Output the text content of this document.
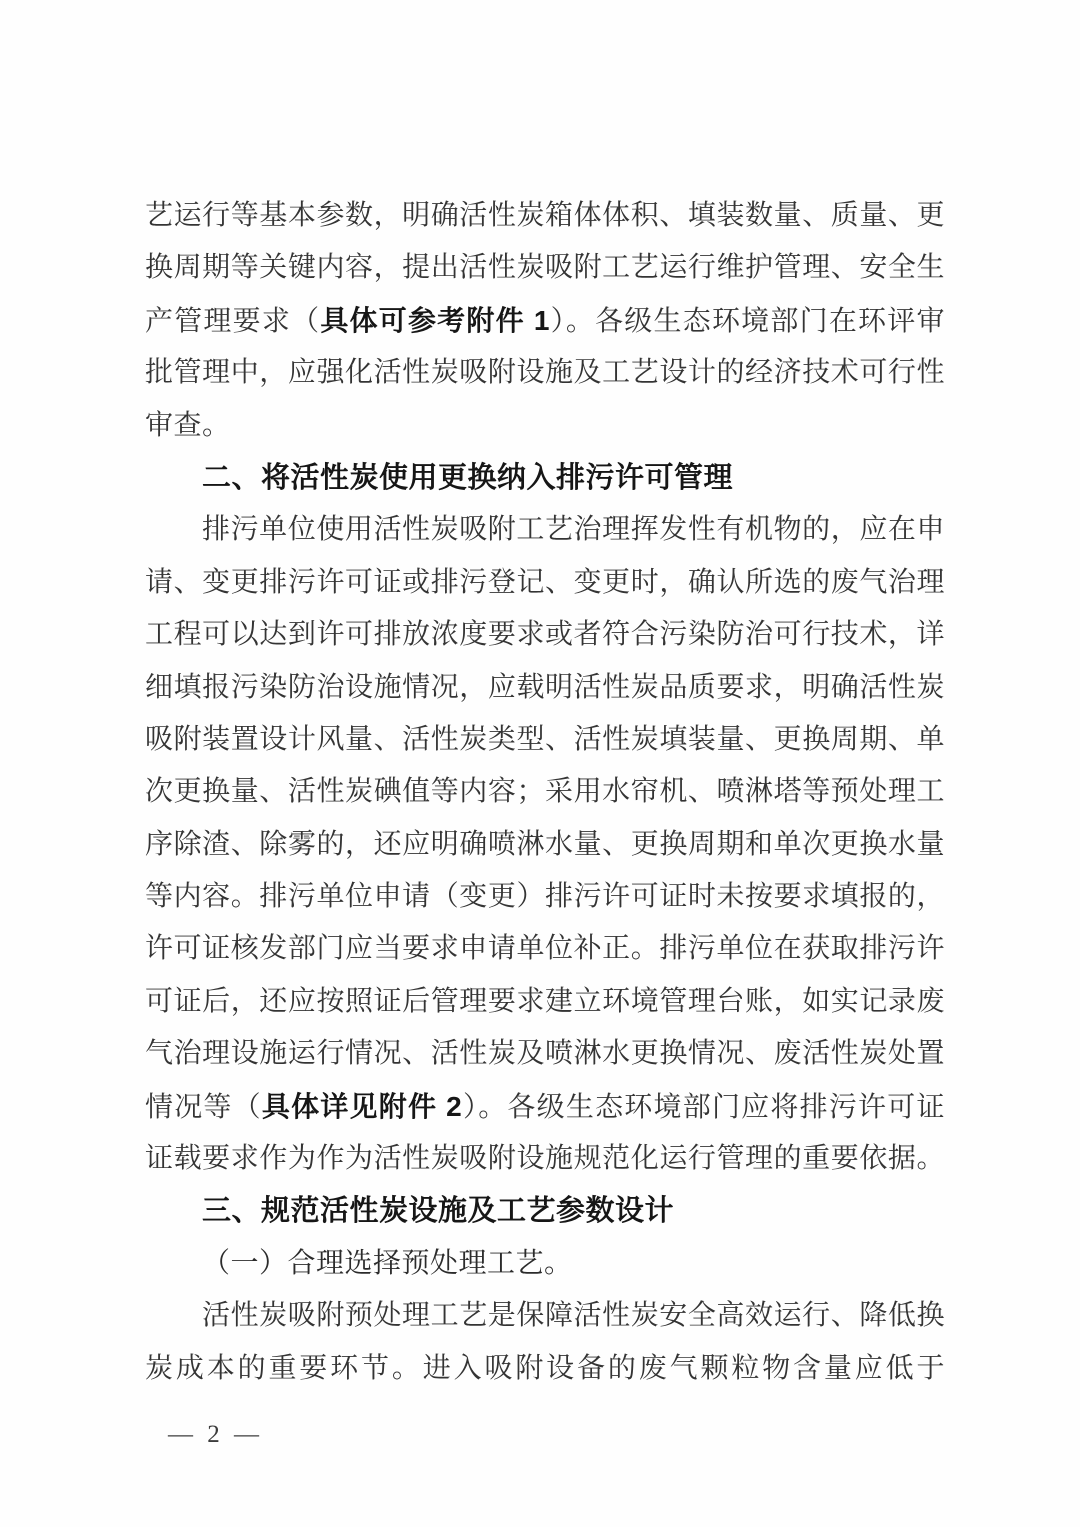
艺运行等基本参数，明确活性炭箱体体积、填装数量、质量、更
换周期等关键内容，提出活性炭吸附工艺运行维护管理、安全生
产管理要求（具体可参考附件 1）。各级生态环境部门在环评审
批管理中，应强化活性炭吸附设施及工艺设计的经济技术可行性
审查。
二、将活性炭使用更换纳入排污许可管理
排污单位使用活性炭吸附工艺治理挥发性有机物的，应在申
请、变更排污许可证或排污登记、变更时，确认所选的废气治理
工程可以达到许可排放浓度要求或者符合污染防治可行技术，详
细填报污染防治设施情况，应载明活性炭品质要求，明确活性炭
吸附装置设计风量、活性炭类型、活性炭填装量、更换周期、单
次更换量、活性炭碘值等内容；采用水帘机、喷淋塔等预处理工
序除渣、除雾的，还应明确喷淋水量、更换周期和单次更换水量
等内容。排污单位申请（变更）排污许可证时未按要求填报的，
许可证核发部门应当要求申请单位补正。排污单位在获取排污许
可证后，还应按照证后管理要求建立环境管理台账，如实记录废
气治理设施运行情况、活性炭及喷淋水更换情况、废活性炭处置
情况等（具体详见附件 2）。各级生态环境部门应将排污许可证
证载要求作为作为活性炭吸附设施规范化运行管理的重要依据。
三、规范活性炭设施及工艺参数设计
（一）合理选择预处理工艺。
活性炭吸附预处理工艺是保障活性炭安全高效运行、降低换
炭成本的重要环节。进入吸附设备的废气颗粒物含量应低于
— 2 —
